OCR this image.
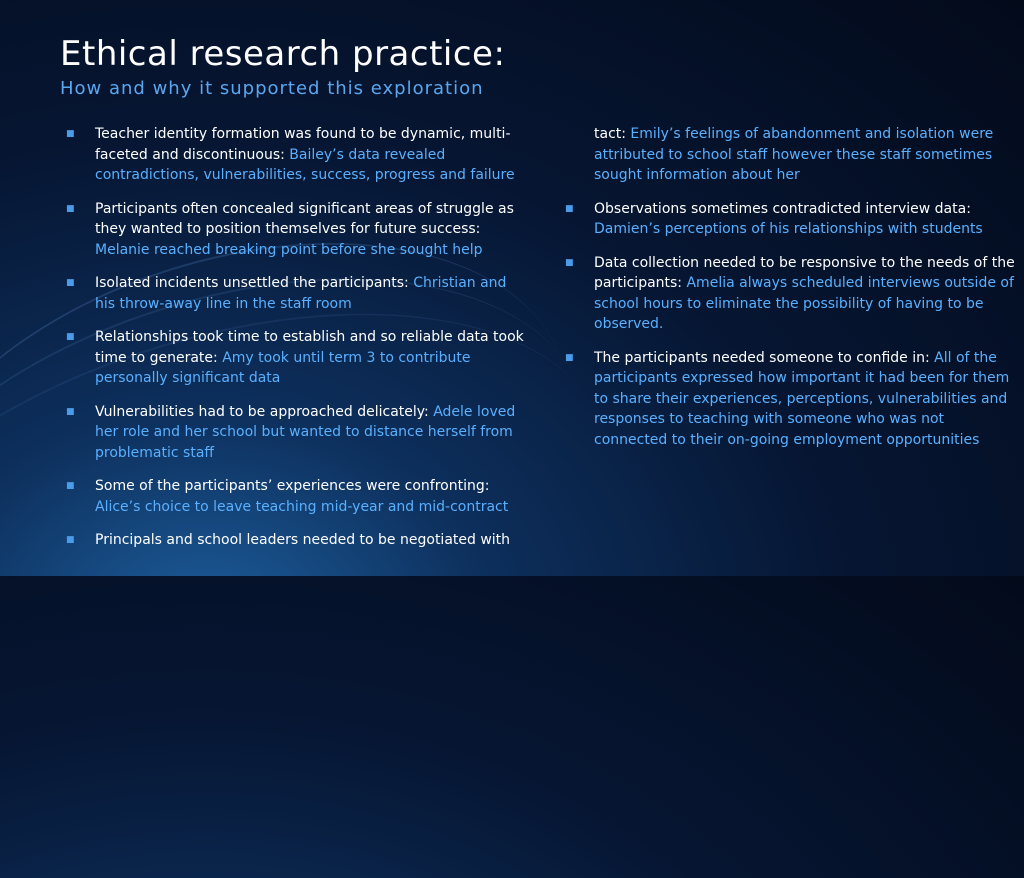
Ethical research practice:
How and why it supported this exploration
■ Teacher identity formation was found to be dynamic, multi-faceted and discontinuous: Bailey’s data revealed contradictions, vulnerabilities, success, progress and failure
■ Participants often concealed significant areas of struggle as they wanted to position themselves for future success: Melanie reached breaking point before she sought help
■ Isolated incidents unsettled the participants: Christian and his throw-away line in the staff room
■ Relationships took time to establish and so reliable data took time to generate: Amy took until term 3 to contribute personally significant data
■ Vulnerabilities had to be approached delicately: Adele loved her role and her school but wanted to distance herself from problematic staff
■ Some of the participants’ experiences were confronting: Alice’s choice to leave teaching mid-year and mid-contract
■ Principals and school leaders needed to be negotiated with
tact: Emily’s feelings of abandonment and isolation were attributed to school staff however these staff sometimes sought information about her
■ Observations sometimes contradicted interview data: Damien’s perceptions of his relationships with students
■ Data collection needed to be responsive to the needs of the participants: Amelia always scheduled interviews outside of school hours to eliminate the possibility of having to be observed.
■ The participants needed someone to confide in: All of the participants expressed how important it had been for them to share their experiences, perceptions, vulnerabilities and responses to teaching with someone who was not connected to their on-going employment opportunities
